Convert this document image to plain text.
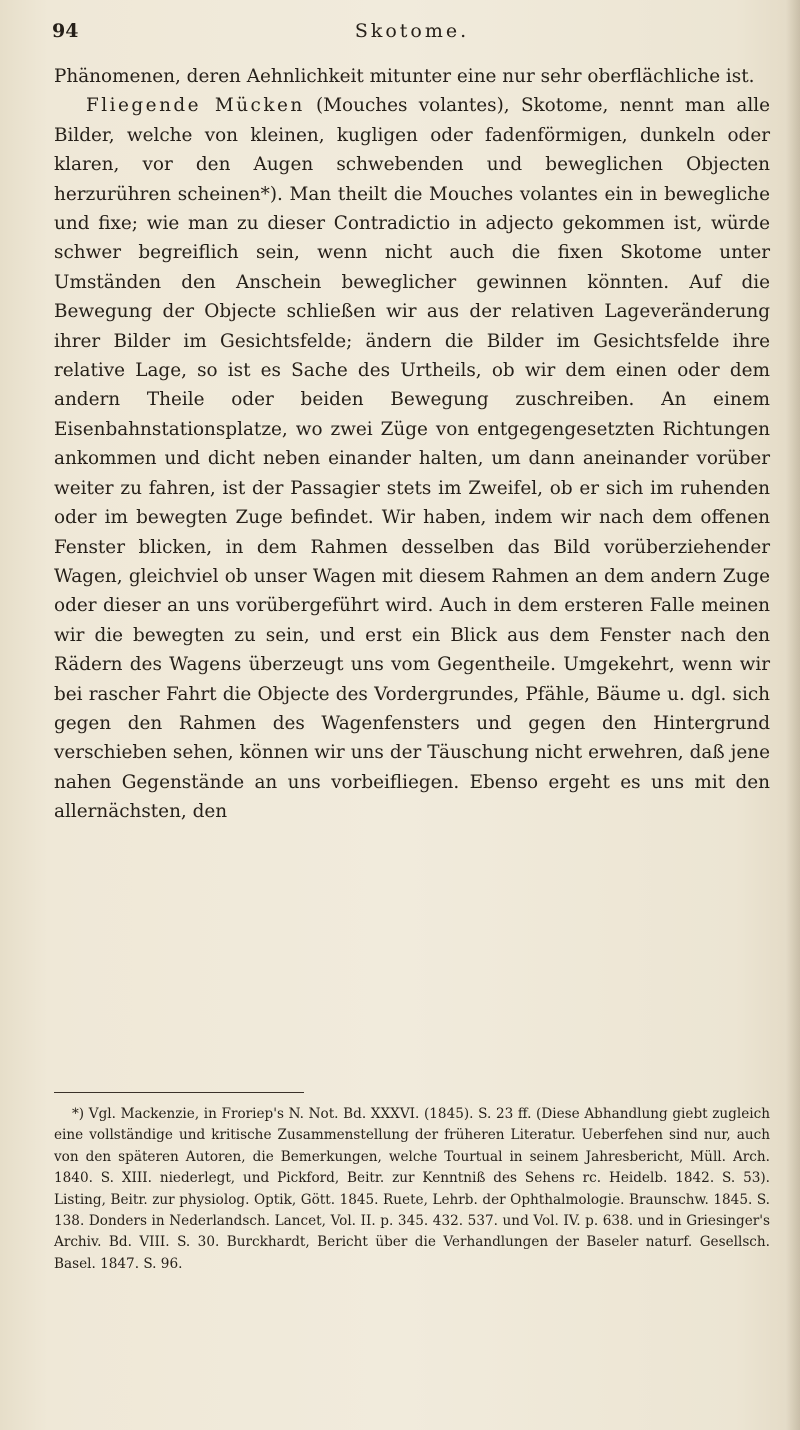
94	Skotome.

Phänomenen, deren Aehnlichkeit mitunter eine nur sehr oberflächliche ist.

Fliegende Mücken (Mouches volantes), Skotome, nennt man alle Bilder, welche von kleinen, kugligen oder fadenförmigen, dunkeln oder klaren, vor den Augen schwebenden und beweglichen Objecten herzurühren scheinen*). Man theilt die Mouches volantes ein in bewegliche und fixe; wie man zu dieser Contradictio in adjecto gekommen ist, würde schwer begreiflich sein, wenn nicht auch die fixen Skotome unter Umständen den Anschein beweglicher gewinnen könnten. Auf die Bewegung der Objecte schließen wir aus der relativen Lageveränderung ihrer Bilder im Gesichtsfelde; ändern die Bilder im Gesichtsfelde ihre relative Lage, so ist es Sache des Urtheils, ob wir dem einen oder dem andern Theile oder beiden Bewegung zuschreiben. An einem Eisenbahnstationsplatze, wo zwei Züge von entgegengesetzten Richtungen ankommen und dicht neben einander halten, um dann aneinander vorüber weiter zu fahren, ist der Passagier stets im Zweifel, ob er sich im ruhenden oder im bewegten Zuge befindet. Wir haben, indem wir nach dem offenen Fenster blicken, in dem Rahmen desselben das Bild vorüberziehender Wagen, gleichviel ob unser Wagen mit diesem Rahmen an dem andern Zuge oder dieser an uns vorübergeführt wird. Auch in dem ersteren Falle meinen wir die bewegten zu sein, und erst ein Blick aus dem Fenster nach den Rädern des Wagens überzeugt uns vom Gegentheile. Umgekehrt, wenn wir bei rascher Fahrt die Objecte des Vordergrundes, Pfähle, Bäume u. dgl. sich gegen den Rahmen des Wagenfensters und gegen den Hintergrund verschieben sehen, können wir uns der Täuschung nicht erwehren, daß jene nahen Gegenstände an uns vorbeifliegen. Ebenso ergeht es uns mit den allernächsten, den

*) Vgl. Mackenzie, in Froriep's N. Not. Bd. XXXVI. (1845). S. 23 ff. (Diese Abhandlung giebt zugleich eine vollständige und kritische Zusammenstellung der früheren Literatur. Ueberfehen sind nur, auch von den späteren Autoren, die Bemerkungen, welche Tourtual in seinem Jahresbericht, Müll. Arch. 1840. S. XIII. niederlegt, und Pickford, Beitr. zur Kenntniß des Sehens rc. Heidelb. 1842. S. 53). Listing, Beitr. zur physiolog. Optik, Gött. 1845. Ruete, Lehrb. der Ophthalmologie. Braunschw. 1845. S. 138. Donders in Nederlandsch. Lancet, Vol. II. p. 345. 432. 537. und Vol. IV. p. 638. und in Griesinger's Archiv. Bd. VIII. S. 30. Burckhardt, Bericht über die Verhandlungen der Baseler naturf. Gesellsch. Basel. 1847. S. 96.
